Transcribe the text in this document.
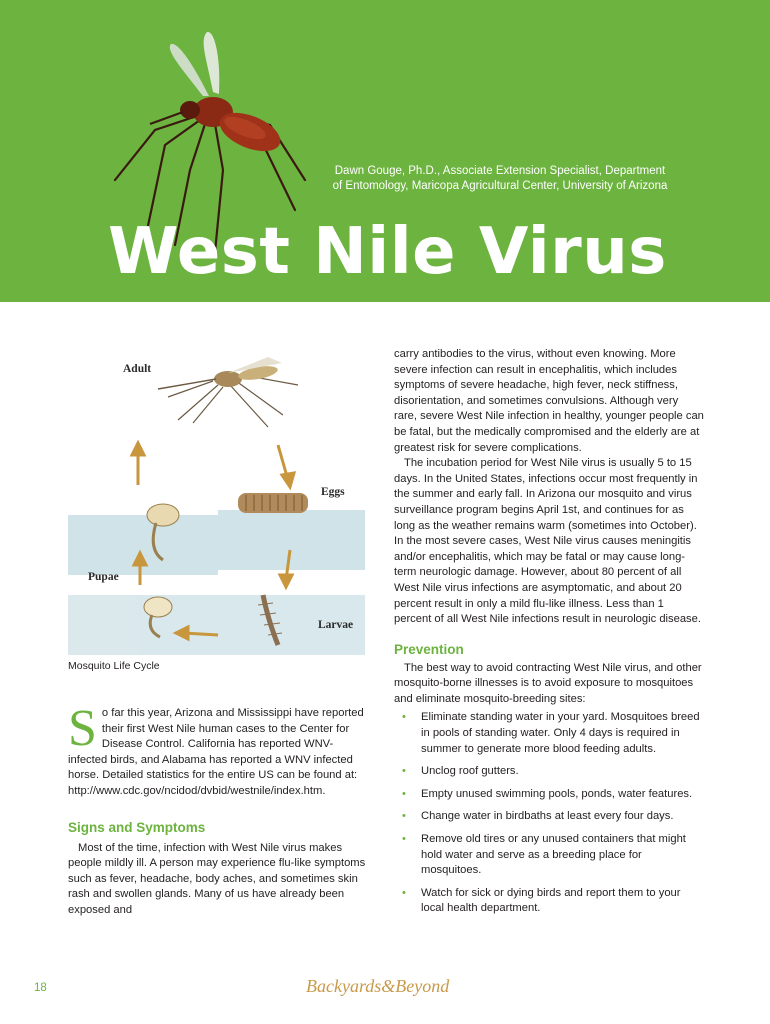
Dawn Gouge, Ph.D., Associate Extension Specialist, Department of Entomology, Maricopa Agricultural Center, University of Arizona
West Nile Virus
Adult
Eggs
Pupae
Larvae
Mosquito Life Cycle

So far this year, Arizona and Mississippi have reported their first West Nile human cases to the Center for Disease Control. California has reported WNV-infected birds, and Alabama has reported a WNV infected horse. Detailed statistics for the entire US can be found at: http://www.cdc.gov/ncidod/dvbid/westnile/index.htm.

Signs and Symptoms

Most of the time, infection with West Nile virus makes people mildly ill. A person may experience flu-like symptoms such as fever, headache, body aches, and sometimes skin rash and swollen glands. Many of us have already been exposed and

carry antibodies to the virus, without even knowing. More severe infection can result in encephalitis, which includes symptoms of severe headache, high fever, neck stiffness, disorientation, and sometimes convulsions. Although very rare, severe West Nile infection in healthy, younger people can be fatal, but the medically compromised and the elderly are at greatest risk for severe complications.

The incubation period for West Nile virus is usually 5 to 15 days. In the United States, infections occur most frequently in the summer and early fall. In Arizona our mosquito and virus surveillance program begins April 1st, and continues for as long as the weather remains warm (sometimes into October). In the most severe cases, West Nile virus causes meningitis and/or encephalitis, which may be fatal or may cause long-term neurologic damage. However, about 80 percent of all West Nile virus infections are asymptomatic, and about 20 percent result in only a mild flu-like illness. Less than 1 percent of all West Nile infections result in neurologic disease.

Prevention

The best way to avoid contracting West Nile virus, and other mosquito-borne illnesses is to avoid exposure to mosquitoes and eliminate mosquito-breeding sites:

• Eliminate standing water in your yard. Mosquitoes breed in pools of standing water. Only 4 days is required in summer to generate more blood feeding adults.
• Unclog roof gutters.
• Empty unused swimming pools, ponds, water features.
• Change water in birdbaths at least every four days.
• Remove old tires or any unused containers that might hold water and serve as a breeding place for mosquitoes.
• Watch for sick or dying birds and report them to your local health department.
18	Backyards&Beyond
